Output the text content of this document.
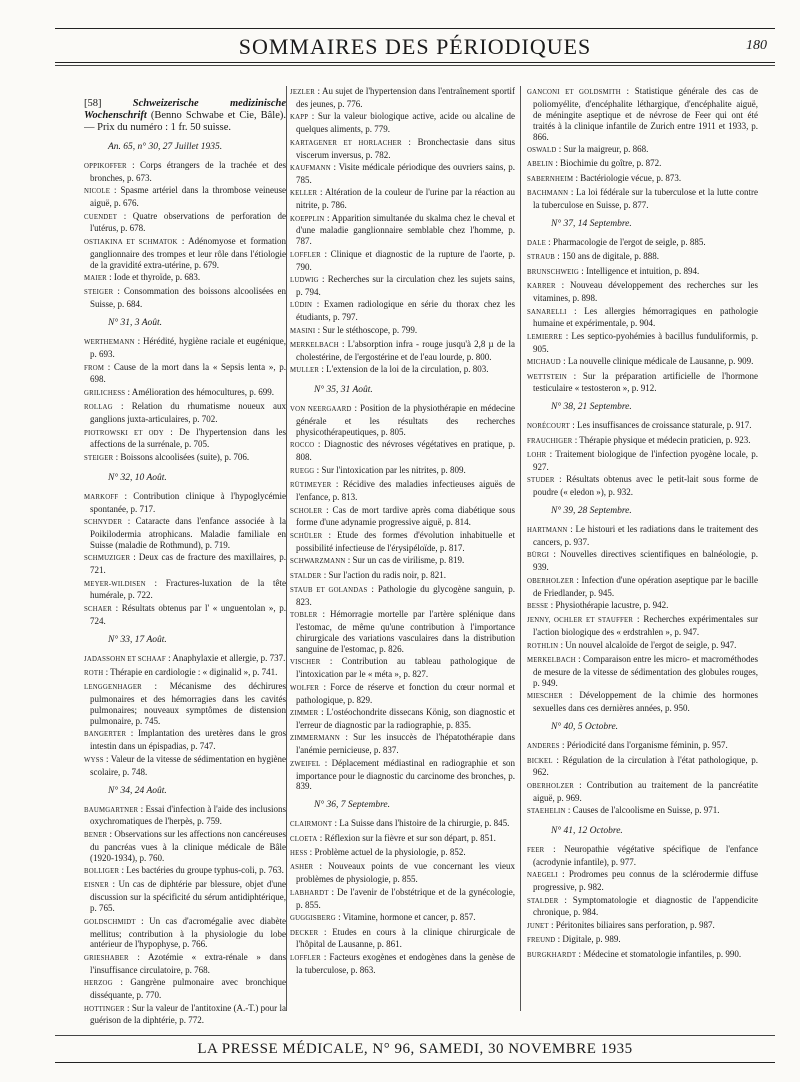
SOMMAIRES DES PÉRIODIQUES	180
[58]	Schweizerische medizinische Wochenschrift (Benno Schwabe et Cie, Bâle). — Prix du numéro : 1 fr. 50 suisse.
An. 65, n° 30, 27 Juillet 1935.
OPPIKOFFER : Corps étrangers de la trachée et des bronches, p. 673.
NICOLE : Spasme artériel dans la thrombose veineuse aiguë, p. 676.
CUENDET : Quatre observations de perforation de l'utérus, p. 678.
OSTIAKINA ET SCHMATOK : Adénomyose et formation ganglionnaire des trompes et leur rôle dans l'étiologie de la gravidité extra-utérine, p. 679.
MAIER : Iode et thyroïde, p. 683.
STEIGER : Consommation des boissons alcoolisées en Suisse, p. 684.
N° 31, 3 Août.
WERTHEMANN : Hérédité, hygiène raciale et eugénique, p. 693.
FROM : Cause de la mort dans la « Sepsis lenta », p. 698.
GRILICHESS : Amélioration des hémocultures, p. 699.
ROLLAG : Relation du rhumatisme noueux aux ganglions juxta-articulaires, p. 702.
PIOTROWSKI ET ODY : De l'hypertension dans les affections de la surrénale, p. 705.
STEIGER : Boissons alcoolisées (suite), p. 706.
N° 32, 10 Août.
MARKOFF : Contribution clinique à l'hypoglycémie spontanée, p. 717.
SCHNYDER : Cataracte dans l'enfance associée à la Poikilodermia atrophicans. Maladie familiale en Suisse (maladie de Rothmund), p. 719.
SCHMUZIGER : Deux cas de fracture des maxillaires, p. 721.
MEYER-WILDISEN : Fractures-luxation de la tête humérale, p. 722.
SCHAER : Résultats obtenus par l' « unguentolan », p. 724.
N° 33, 17 Août.
JADASSOHN ET SCHAAF : Anaphylaxie et allergie, p. 737.
ROTH : Thérapie en cardiologie : « diginalid », p. 741.
LENGGENHAGER : Mécanisme des déchirures pulmonaires et des hémorragies dans les cavités pulmonaires; nouveaux symptômes de distension pulmonaire, p. 745.
BANGERTER : Implantation des uretères dans le gros intestin dans un épispadias, p. 747.
WYSS : Valeur de la vitesse de sédimentation en hygiène scolaire, p. 748.
N° 34, 24 Août.
BAUMGARTNER : Essai d'infection à l'aide des inclusions oxychromatiques de l'herpès, p. 759.
BENER : Observations sur les affections non cancéreuses du pancréas vues à la clinique médicale de Bâle (1920-1934), p. 760.
BOLLIGER : Les bactéries du groupe typhus-coli, p. 763.
EISNER : Un cas de diphtérie par blessure, objet d'une discussion sur la spécificité du sérum antidiphtérique, p. 765.
GOLDSCHMIDT : Un cas d'acromégalie avec diabète mellitus; contribution à la physiologie du lobe antérieur de l'hypophyse, p. 766.
GRIESHABER : Azotémie « extra-rénale » dans l'insuffisance circulatoire, p. 768.
HERZOG : Gangrène pulmonaire avec bronchique disséquante, p. 770.
HOTTINGER : Sur la valeur de l'antitoxine (A.-T.) pour la guérison de la diphtérie, p. 772.
JEZLER : Au sujet de l'hypertension dans l'entraînement sportif des jeunes, p. 776.
KAPP : Sur la valeur biologique active, acide ou alcaline de quelques aliments, p. 779.
KARTAGENER ET HORLACHER : Bronchectasie dans situs viscerum inversus, p. 782.
KAUFMANN : Visite médicale périodique des ouvriers sains, p. 785.
KELLER : Altération de la couleur de l'urine par la réaction au nitrite, p. 786.
KOEPPLIN : Apparition simultanée du skalma chez le cheval et d'une maladie ganglionnaire semblable chez l'homme, p. 787.
LOFFLER : Clinique et diagnostic de la rupture de l'aorte, p. 790.
LUDWIG : Recherches sur la circulation chez les sujets sains, p. 794.
LÜDIN : Examen radiologique en série du thorax chez les étudiants, p. 797.
MASINI : Sur le stéthoscope, p. 799.
MERKELBACH : L'absorption infra - rouge jusqu'à 2,8 µ de la cholestérine, de l'ergostérine et de l'eau lourde, p. 800.
MULLER : L'extension de la loi de la circulation, p. 803.
N° 35, 31 Août.
VON NEERGAARD : Position de la physiothérapie en médecine générale et les résultats des recherches physicothérapeutiques, p. 805.
ROCCO : Diagnostic des névroses végétatives en pratique, p. 808.
RUEGG : Sur l'intoxication par les nitrites, p. 809.
RÜTIMEYER : Récidive des maladies infectieuses aiguës de l'enfance, p. 813.
SCHOLER : Cas de mort tardive après coma diabétique sous forme d'une adynamie progressive aiguë, p. 814.
SCHÜLER : Etude des formes d'évolution inhabituelle et possibilité infectieuse de l'érysipéloïde, p. 817.
SCHWARZMANN : Sur un cas de virilisme, p. 819.
STALDER : Sur l'action du radis noir, p. 821.
STAUB ET GOLANDAS : Pathologie du glycogène sanguin, p. 823.
TOBLER : Hémorragie mortelle par l'artère splénique dans l'estomac, de même qu'une contribution à l'importance chirurgicale des variations vasculaires dans la distribution sanguine de l'estomac, p. 826.
VISCHER : Contribution au tableau pathologique de l'intoxication par le « méta », p. 827.
WOLFER : Force de réserve et fonction du cœur normal et pathologique, p. 829.
ZIMMER : L'ostéochondrite dissecans König, son diagnostic et l'erreur de diagnostic par la radiographie, p. 835.
ZIMMERMANN : Sur les insuccès de l'hépatothérapie dans l'anémie pernicieuse, p. 837.
ZWEIFEL : Déplacement médiastinal en radiographie et son importance pour le diagnostic du carcinome des bronches, p. 839.
N° 36, 7 Septembre.
CLAIRMONT : La Suisse dans l'histoire de la chirurgie, p. 845.
CLOETA : Réflexion sur la fièvre et sur son départ, p. 851.
HESS : Problème actuel de la physiologie, p. 852.
ASHER : Nouveaux points de vue concernant les vieux problèmes de physiologie, p. 855.
LABHARDT : De l'avenir de l'obstétrique et de la gynécologie, p. 855.
GUGGISBERG : Vitamine, hormone et cancer, p. 857.
DECKER : Etudes en cours à la clinique chirurgicale de l'hôpital de Lausanne, p. 861.
LOFFLER : Facteurs exogènes et endogènes dans la genèse de la tuberculose, p. 863.
GANCONI ET GOLDSMITH : Statistique générale des cas de poliomyélite, d'encéphalite léthargique, d'encéphalite aiguë, de méningite aseptique et de névrose de Feer qui ont été traités à la clinique infantile de Zurich entre 1911 et 1933, p. 866.
OSWALD : Sur la maigreur, p. 868.
ABELIN : Biochimie du goître, p. 872.
SABERNHEIM : Bactériologie vécue, p. 873.
BACHMANN : La loi fédérale sur la tuberculose et la lutte contre la tuberculose en Suisse, p. 877.
N° 37, 14 Septembre.
DALE : Pharmacologie de l'ergot de seigle, p. 885.
STRAUB : 150 ans de digitale, p. 888.
BRUNSCHWEIG : Intelligence et intuition, p. 894.
KARRER : Nouveau développement des recherches sur les vitamines, p. 898.
SANARELLI : Les allergies hémorragiques en pathologie humaine et expérimentale, p. 904.
LEMIERRE : Les septico-pyohémies à bacillus funduliformis, p. 905.
MICHAUD : La nouvelle clinique médicale de Lausanne, p. 909.
WETTSTEIN : Sur la préparation artificielle de l'hormone testiculaire « testosteron », p. 912.
N° 38, 21 Septembre.
NORÉCOURT : Les insuffisances de croissance staturale, p. 917.
FRAUCHIGER : Thérapie physique et médecin praticien, p. 923.
LOHR : Traitement biologique de l'infection pyogène locale, p. 927.
STUDER : Résultats obtenus avec le petit-lait sous forme de poudre (« eledon »), p. 932.
N° 39, 28 Septembre.
HARTMANN : Le histouri et les radiations dans le traitement des cancers, p. 937.
BÜRGI : Nouvelles directives scientifiques en balnéologie, p. 939.
OBERHOLZER : Infection d'une opération aseptique par le bacille de Friedlander, p. 945.
BESSE : Physiothérapie lacustre, p. 942.
JENNY, OCHLER ET STAUFFER : Recherches expérimentales sur l'action biologique des « erdstrahlen », p. 947.
ROTHLIN : Un nouvel alcaloïde de l'ergot de seigle, p. 947.
MERKELBACH : Comparaison entre les micro- et macrométhodes de mesure de la vitesse de sédimentation des globules rouges, p. 949.
MIESCHER : Développement de la chimie des hormones sexuelles dans ces dernières années, p. 950.
N° 40, 5 Octobre.
ANDERES : Périodicité dans l'organisme féminin, p. 957.
BICKEL : Régulation de la circulation à l'état pathologique, p. 962.
OBERHOLZER : Contribution au traitement de la pancréatite aiguë, p. 969.
STAEHELIN : Causes de l'alcoolisme en Suisse, p. 971.
N° 41, 12 Octobre.
FEER : Neuropathie végétative spécifique de l'enfance (acrodynie infantile), p. 977.
NAEGELI : Prodromes peu connus de la sclérodermie diffuse progressive, p. 982.
STALDER : Symptomatologie et diagnostic de l'appendicite chronique, p. 984.
JUNET : Péritonites biliaires sans perforation, p. 987.
FREUND : Digitale, p. 989.
BURGKHARDT : Médecine et stomatologie infantiles, p. 990.
LA PRESSE MÉDICALE, N° 96, SAMEDI, 30 NOVEMBRE 1935
